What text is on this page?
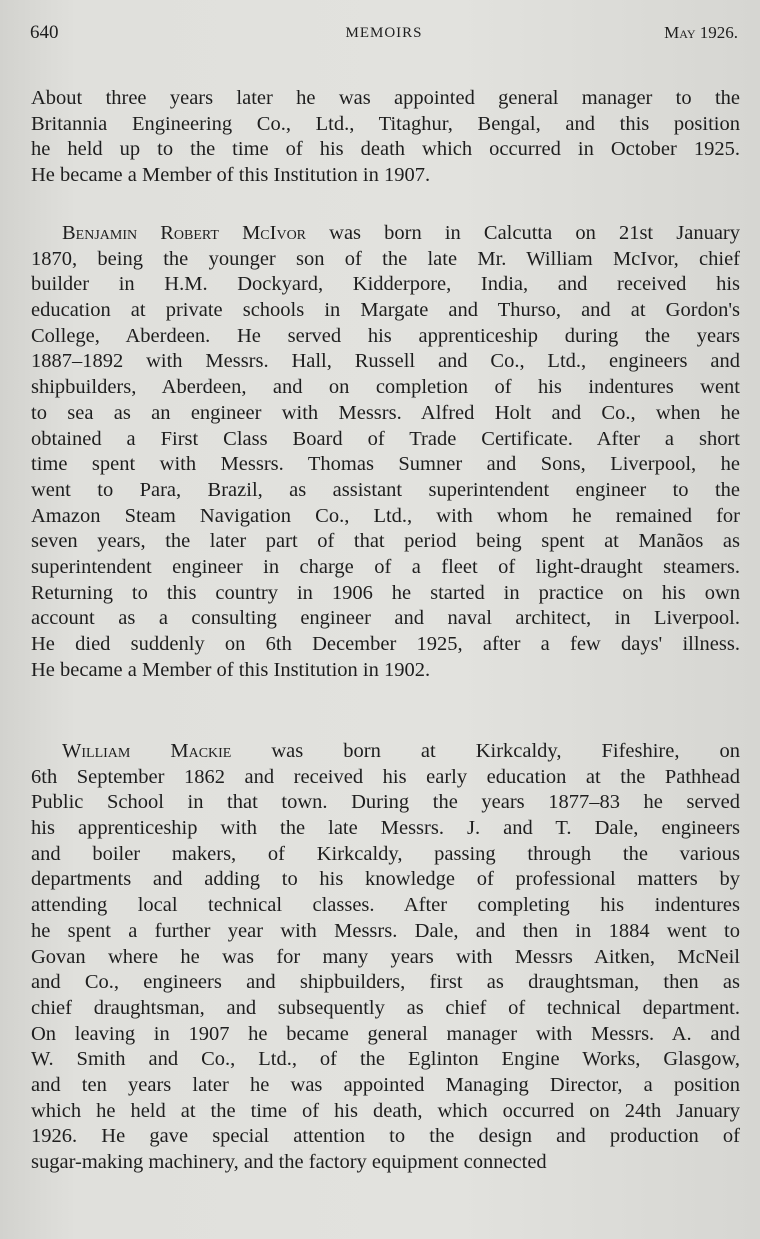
640	MEMOIRS	May 1926.
About three years later he was appointed general manager to the
Britannia Engineering Co., Ltd., Titaghur, Bengal, and this position
he held up to the time of his death which occurred in October 1925.
He became a Member of this Institution in 1907.
Benjamin Robert McIvor was born in Calcutta on 21st January
1870, being the younger son of the late Mr. William McIvor, chief
builder in H.M. Dockyard, Kidderpore, India, and received his
education at private schools in Margate and Thurso, and at Gordon's
College, Aberdeen. He served his apprenticeship during the years
1887–1892 with Messrs. Hall, Russell and Co., Ltd., engineers and
shipbuilders, Aberdeen, and on completion of his indentures went
to sea as an engineer with Messrs. Alfred Holt and Co., when he
obtained a First Class Board of Trade Certificate. After a short
time spent with Messrs. Thomas Sumner and Sons, Liverpool, he
went to Para, Brazil, as assistant superintendent engineer to the
Amazon Steam Navigation Co., Ltd., with whom he remained for
seven years, the later part of that period being spent at Manãos as
superintendent engineer in charge of a fleet of light-draught steamers.
Returning to this country in 1906 he started in practice on his own
account as a consulting engineer and naval architect, in Liverpool.
He died suddenly on 6th December 1925, after a few days' illness.
He became a Member of this Institution in 1902.
William Mackie was born at Kirkcaldy, Fifeshire, on
6th September 1862 and received his early education at the Pathhead
Public School in that town. During the years 1877–83 he served
his apprenticeship with the late Messrs. J. and T. Dale, engineers
and boiler makers, of Kirkcaldy, passing through the various
departments and adding to his knowledge of professional matters by
attending local technical classes. After completing his indentures
he spent a further year with Messrs. Dale, and then in 1884 went to
Govan where he was for many years with Messrs Aitken, McNeil
and Co., engineers and shipbuilders, first as draughtsman, then as
chief draughtsman, and subsequently as chief of technical department.
On leaving in 1907 he became general manager with Messrs. A. and
W. Smith and Co., Ltd., of the Eglinton Engine Works, Glasgow,
and ten years later he was appointed Managing Director, a position
which he held at the time of his death, which occurred on 24th January
1926. He gave special attention to the design and production of
sugar-making machinery, and the factory equipment connected
